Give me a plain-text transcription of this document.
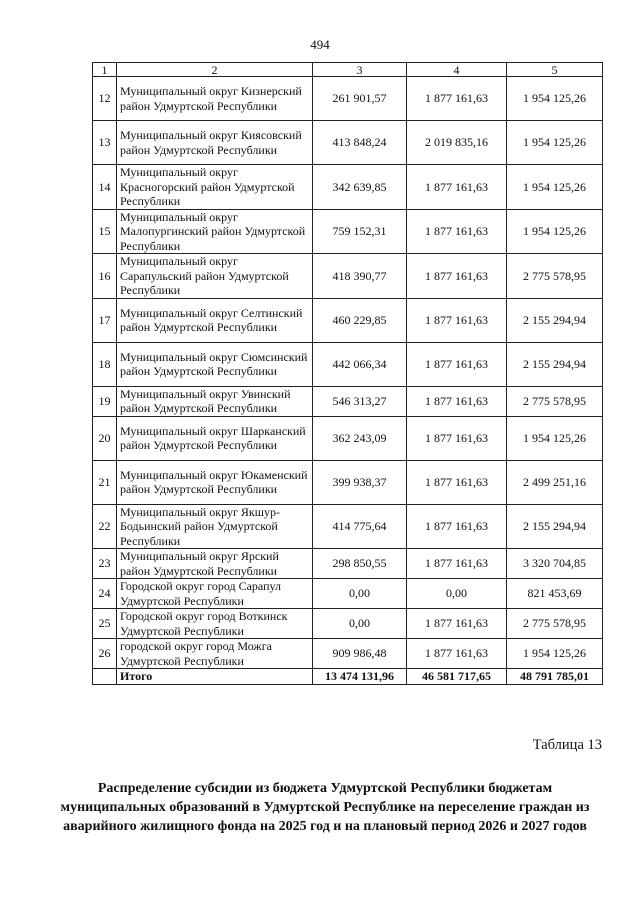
494
1	2	3	4	5
12	Муниципальный округ Кизнерский район Удмуртской Республики	261 901,57	1 877 161,63	1 954 125,26
13	Муниципальный округ Киясовский район Удмуртской Республики	413 848,24	2 019 835,16	1 954 125,26
14	Муниципальный округ Красногорский район Удмуртской Республики	342 639,85	1 877 161,63	1 954 125,26
15	Муниципальный округ Малопургинский район Удмуртской Республики	759 152,31	1 877 161,63	1 954 125,26
16	Муниципальный округ Сарапульский район Удмуртской Республики	418 390,77	1 877 161,63	2 775 578,95
17	Муниципальный округ Селтинский район Удмуртской Республики	460 229,85	1 877 161,63	2 155 294,94
18	Муниципальный округ Сюмсинский район Удмуртской Республики	442 066,34	1 877 161,63	2 155 294,94
19	Муниципальный округ Увинский район Удмуртской Республики	546 313,27	1 877 161,63	2 775 578,95
20	Муниципальный округ Шарканский район Удмуртской Республики	362 243,09	1 877 161,63	1 954 125,26
21	Муниципальный округ Юкаменский район Удмуртской Республики	399 938,37	1 877 161,63	2 499 251,16
22	Муниципальный округ Якшур-Бодьинский район Удмуртской Республики	414 775,64	1 877 161,63	2 155 294,94
23	Муниципальный округ Ярский район Удмуртской Республики	298 850,55	1 877 161,63	3 320 704,85
24	Городской округ город Сарапул Удмуртской Республики	0,00	0,00	821 453,69
25	Городской округ город Воткинск Удмуртской Республики	0,00	1 877 161,63	2 775 578,95
26	городской округ город Можга Удмуртской Республики	909 986,48	1 877 161,63	1 954 125,26
	Итого	13 474 131,96	46 581 717,65	48 791 785,01
Таблица 13
Распределение субсидии из бюджета Удмуртской Республики бюджетам муниципальных образований в Удмуртской Республике на переселение граждан из аварийного жилищного фонда на 2025 год и на плановый период 2026 и 2027 годов
